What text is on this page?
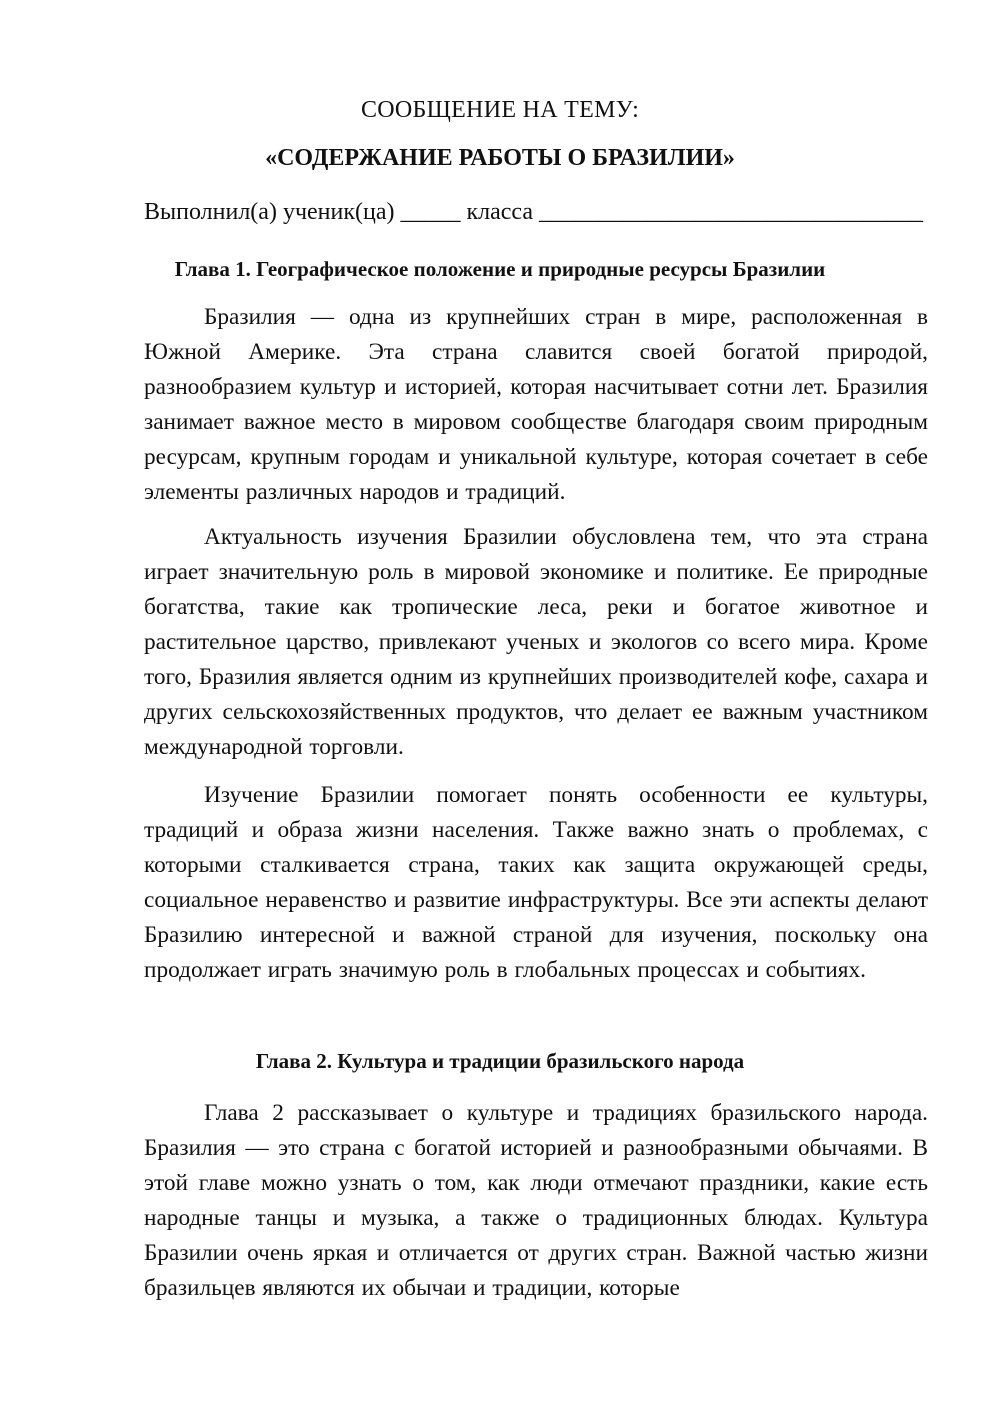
СООБЩЕНИЕ НА ТЕМУ:
«СОДЕРЖАНИЕ РАБОТЫ О БРАЗИЛИИ»
Выполнил(а) ученик(ца) _____ класса ________________________________
Глава 1. Географическое положение и природные ресурсы Бразилии

Бразилия — одна из крупнейших стран в мире, расположенная в Южной Америке. Эта страна славится своей богатой природой, разнообразием культур и историей, которая насчитывает сотни лет. Бразилия занимает важное место в мировом сообществе благодаря своим природным ресурсам, крупным городам и уникальной культуре, которая сочетает в себе элементы различных народов и традиций.

Актуальность изучения Бразилии обусловлена тем, что эта страна играет значительную роль в мировой экономике и политике. Ее природные богатства, такие как тропические леса, реки и богатое животное и растительное царство, привлекают ученых и экологов со всего мира. Кроме того, Бразилия является одним из крупнейших производителей кофе, сахара и других сельскохозяйственных продуктов, что делает ее важным участником международной торговли.

Изучение Бразилии помогает понять особенности ее культуры, традиций и образа жизни населения. Также важно знать о проблемах, с которыми сталкивается страна, таких как защита окружающей среды, социальное неравенство и развитие инфраструктуры. Все эти аспекты делают Бразилию интересной и важной страной для изучения, поскольку она продолжает играть значимую роль в глобальных процессах и событиях.

Глава 2. Культура и традиции бразильского народа

Глава 2 рассказывает о культуре и традициях бразильского народа. Бразилия — это страна с богатой историей и разнообразными обычаями. В этой главе можно узнать о том, как люди отмечают праздники, какие есть народные танцы и музыка, а также о традиционных блюдах. Культура Бразилии очень яркая и отличается от других стран. Важной частью жизни бразильцев являются их обычаи и традиции, которые
